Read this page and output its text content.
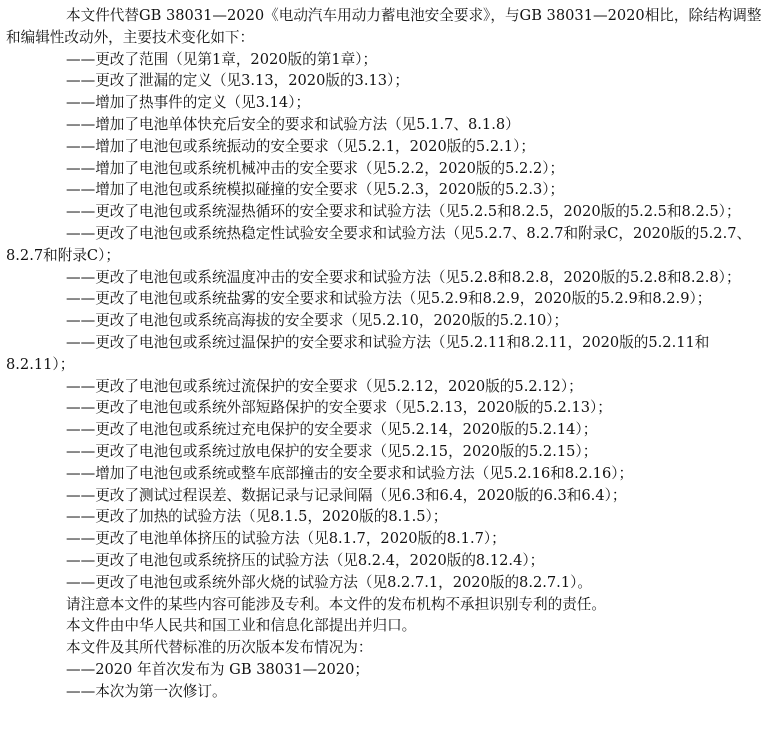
本文件代替GB 38031—2020《电动汽车用动力蓄电池安全要求》，与GB 38031—2020相比，除结构调整和编辑性改动外，主要技术变化如下：

——更改了范围（见第1章，2020版的第1章）；

——更改了泄漏的定义（见3.13，2020版的3.13）；

——增加了热事件的定义（见3.14）；

——增加了电池单体快充后安全的要求和试验方法（见5.1.7、8.1.8）

——增加了电池包或系统振动的安全要求（见5.2.1，2020版的5.2.1）；

——增加了电池包或系统机械冲击的安全要求（见5.2.2，2020版的5.2.2）；

——增加了电池包或系统模拟碰撞的安全要求（见5.2.3，2020版的5.2.3）；

——更改了电池包或系统湿热循环的安全要求和试验方法（见5.2.5和8.2.5，2020版的5.2.5和8.2.5）；

——更改了电池包或系统热稳定性试验安全要求和试验方法（见5.2.7、8.2.7和附录C，2020版的5.2.7、
8.2.7和附录C）；

——更改了电池包或系统温度冲击的安全要求和试验方法（见5.2.8和8.2.8，2020版的5.2.8和8.2.8）；

——更改了电池包或系统盐雾的安全要求和试验方法（见5.2.9和8.2.9，2020版的5.2.9和8.2.9）；

——更改了电池包或系统高海拔的安全要求（见5.2.10，2020版的5.2.10）；

——更改了电池包或系统过温保护的安全要求和试验方法（见5.2.11和8.2.11，2020版的5.2.11和
8.2.11）；

——更改了电池包或系统过流保护的安全要求（见5.2.12，2020版的5.2.12）；

——更改了电池包或系统外部短路保护的安全要求（见5.2.13，2020版的5.2.13）；

——更改了电池包或系统过充电保护的安全要求（见5.2.14，2020版的5.2.14）；

——更改了电池包或系统过放电保护的安全要求（见5.2.15，2020版的5.2.15）；

——增加了电池包或系统或整车底部撞击的安全要求和试验方法（见5.2.16和8.2.16）；

——更改了测试过程误差、数据记录与记录间隔（见6.3和6.4，2020版的6.3和6.4）；

——更改了加热的试验方法（见8.1.5，2020版的8.1.5）；

——更改了电池单体挤压的试验方法（见8.1.7，2020版的8.1.7）；

——更改了电池包或系统挤压的试验方法（见8.2.4，2020版的8.12.4）；

——更改了电池包或系统外部火烧的试验方法（见8.2.7.1，2020版的8.2.7.1）。

请注意本文件的某些内容可能涉及专利。本文件的发布机构不承担识别专利的责任。

本文件由中华人民共和国工业和信息化部提出并归口。

本文件及其所代替标准的历次版本发布情况为：

——2020 年首次发布为 GB 38031—2020；

——本次为第一次修订。
